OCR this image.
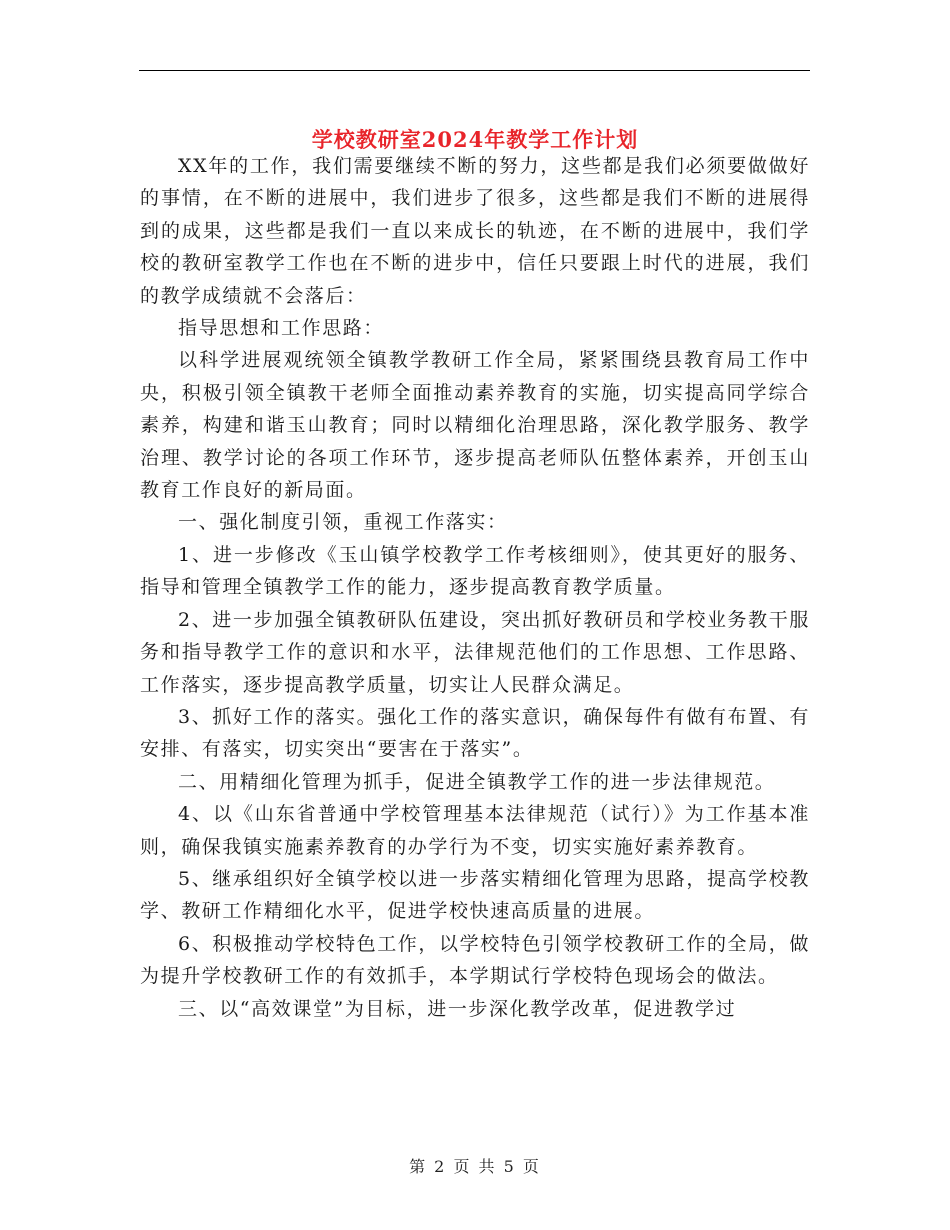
学校教研室2024年教学工作计划

XX年的工作，我们需要继续不断的努力，这些都是我们必须要做做好的事情，在不断的进展中，我们进步了很多，这些都是我们不断的进展得到的成果，这些都是我们一直以来成长的轨迹，在不断的进展中，我们学校的教研室教学工作也在不断的进步中，信任只要跟上时代的进展，我们的教学成绩就不会落后：

指导思想和工作思路：

以科学进展观统领全镇教学教研工作全局，紧紧围绕县教育局工作中央，积极引领全镇教干老师全面推动素养教育的实施，切实提高同学综合素养，构建和谐玉山教育；同时以精细化治理思路，深化教学服务、教学治理、教学讨论的各项工作环节，逐步提高老师队伍整体素养，开创玉山教育工作良好的新局面。

一、强化制度引领，重视工作落实：

1、进一步修改《玉山镇学校教学工作考核细则》，使其更好的服务、指导和管理全镇教学工作的能力，逐步提高教育教学质量。

2、进一步加强全镇教研队伍建设，突出抓好教研员和学校业务教干服务和指导教学工作的意识和水平，法律规范他们的工作思想、工作思路、工作落实，逐步提高教学质量，切实让人民群众满足。

3、抓好工作的落实。强化工作的落实意识，确保每件有做有布置、有安排、有落实，切实突出“要害在于落实”。

二、用精细化管理为抓手，促进全镇教学工作的进一步法律规范。

4、以《山东省普通中学校管理基本法律规范（试行）》为工作基本准则，确保我镇实施素养教育的办学行为不变，切实实施好素养教育。

5、继承组织好全镇学校以进一步落实精细化管理为思路，提高学校教学、教研工作精细化水平，促进学校快速高质量的进展。

6、积极推动学校特色工作，以学校特色引领学校教研工作的全局，做为提升学校教研工作的有效抓手，本学期试行学校特色现场会的做法。

三、以“高效课堂”为目标，进一步深化教学改革，促进教学过

第 2 页 共 5 页
